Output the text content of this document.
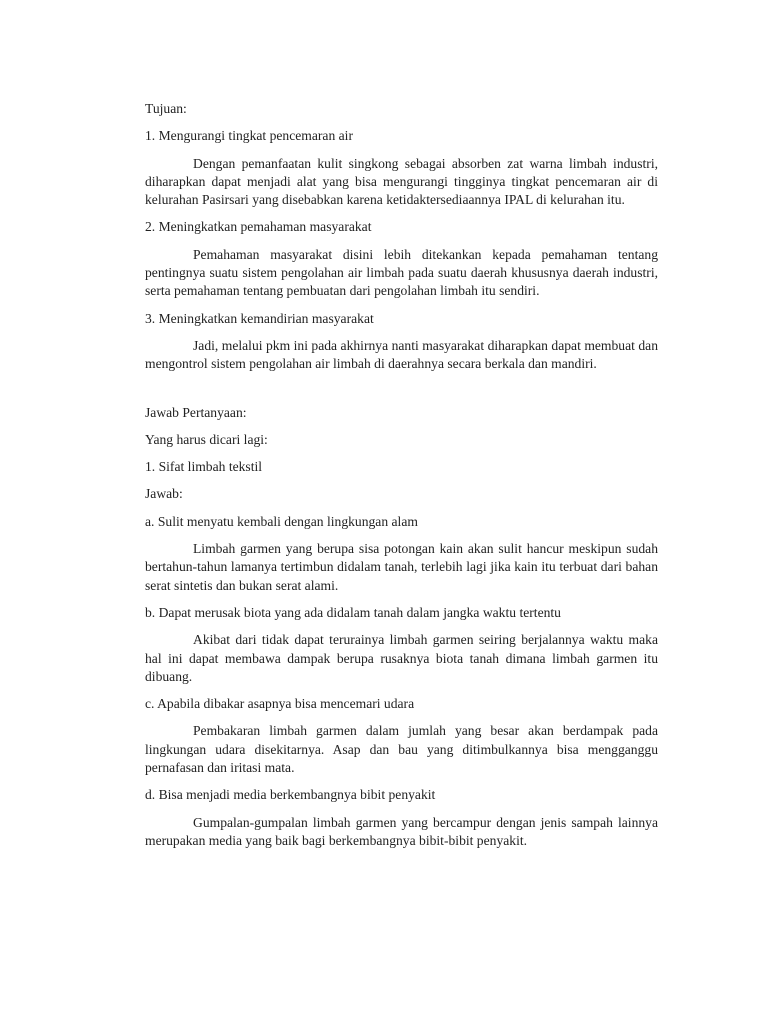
Tujuan:
1. Mengurangi tingkat pencemaran air
Dengan pemanfaatan kulit singkong sebagai absorben zat warna limbah industri, diharapkan dapat menjadi alat yang bisa mengurangi tingginya tingkat pencemaran air di kelurahan Pasirsari yang disebabkan karena ketidaktersediaannya IPAL di kelurahan itu.
2. Meningkatkan pemahaman masyarakat
Pemahaman masyarakat disini lebih ditekankan kepada pemahaman tentang pentingnya suatu sistem pengolahan air limbah pada suatu daerah khususnya daerah industri, serta pemahaman tentang pembuatan dari pengolahan limbah itu sendiri.
3. Meningkatkan kemandirian masyarakat
Jadi, melalui pkm ini pada akhirnya nanti masyarakat diharapkan dapat membuat dan mengontrol sistem pengolahan air limbah di daerahnya secara berkala dan mandiri.
Jawab Pertanyaan:
Yang harus dicari lagi:
1. Sifat limbah tekstil
Jawab:
a. Sulit menyatu kembali dengan lingkungan alam
Limbah garmen yang berupa sisa potongan kain akan sulit hancur meskipun sudah bertahun-tahun lamanya tertimbun didalam tanah, terlebih lagi jika kain itu terbuat dari bahan serat sintetis dan bukan serat alami.
b. Dapat merusak biota yang ada didalam tanah dalam jangka waktu tertentu
Akibat dari tidak dapat terurainya limbah garmen seiring berjalannya waktu maka hal ini dapat membawa dampak berupa rusaknya biota tanah dimana limbah garmen itu dibuang.
c. Apabila dibakar asapnya bisa mencemari udara
Pembakaran limbah garmen dalam jumlah yang besar akan berdampak pada lingkungan udara disekitarnya. Asap dan bau yang ditimbulkannya bisa mengganggu pernafasan dan iritasi mata.
d. Bisa menjadi media berkembangnya bibit penyakit
Gumpalan-gumpalan limbah garmen yang bercampur dengan jenis sampah lainnya merupakan media yang baik bagi berkembangnya bibit-bibit penyakit.
